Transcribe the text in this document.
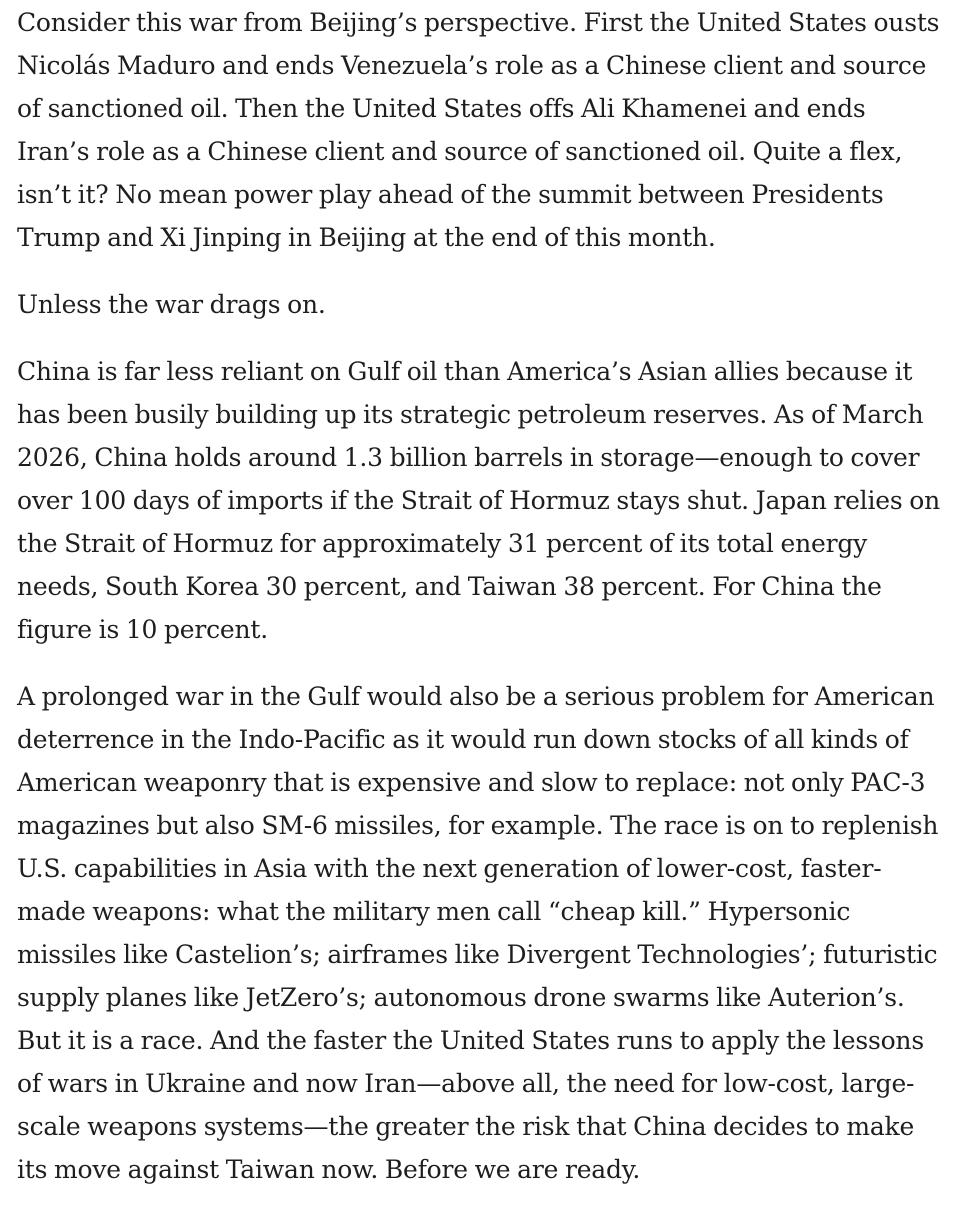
Consider this war from Beijing’s perspective. First the United States ousts
Nicolás Maduro and ends Venezuela’s role as a Chinese client and source
of sanctioned oil. Then the United States offs Ali Khamenei and ends
Iran’s role as a Chinese client and source of sanctioned oil. Quite a flex,
isn’t it? No mean power play ahead of the summit between Presidents
Trump and Xi Jinping in Beijing at the end of this month.

Unless the war drags on.

China is far less reliant on Gulf oil than America’s Asian allies because it
has been busily building up its strategic petroleum reserves. As of March
2026, China holds around 1.3 billion barrels in storage—enough to cover
over 100 days of imports if the Strait of Hormuz stays shut. Japan relies on
the Strait of Hormuz for approximately 31 percent of its total energy
needs, South Korea 30 percent, and Taiwan 38 percent. For China the
figure is 10 percent.

A prolonged war in the Gulf would also be a serious problem for American
deterrence in the Indo-Pacific as it would run down stocks of all kinds of
American weaponry that is expensive and slow to replace: not only PAC-3
magazines but also SM-6 missiles, for example. The race is on to replenish
U.S. capabilities in Asia with the next generation of lower-cost, faster-
made weapons: what the military men call “cheap kill.” Hypersonic
missiles like Castelion’s; airframes like Divergent Technologies’; futuristic
supply planes like JetZero’s; autonomous drone swarms like Auterion’s.
But it is a race. And the faster the United States runs to apply the lessons
of wars in Ukraine and now Iran—above all, the need for low-cost, large-
scale weapons systems—the greater the risk that China decides to make
its move against Taiwan now. Before we are ready.
